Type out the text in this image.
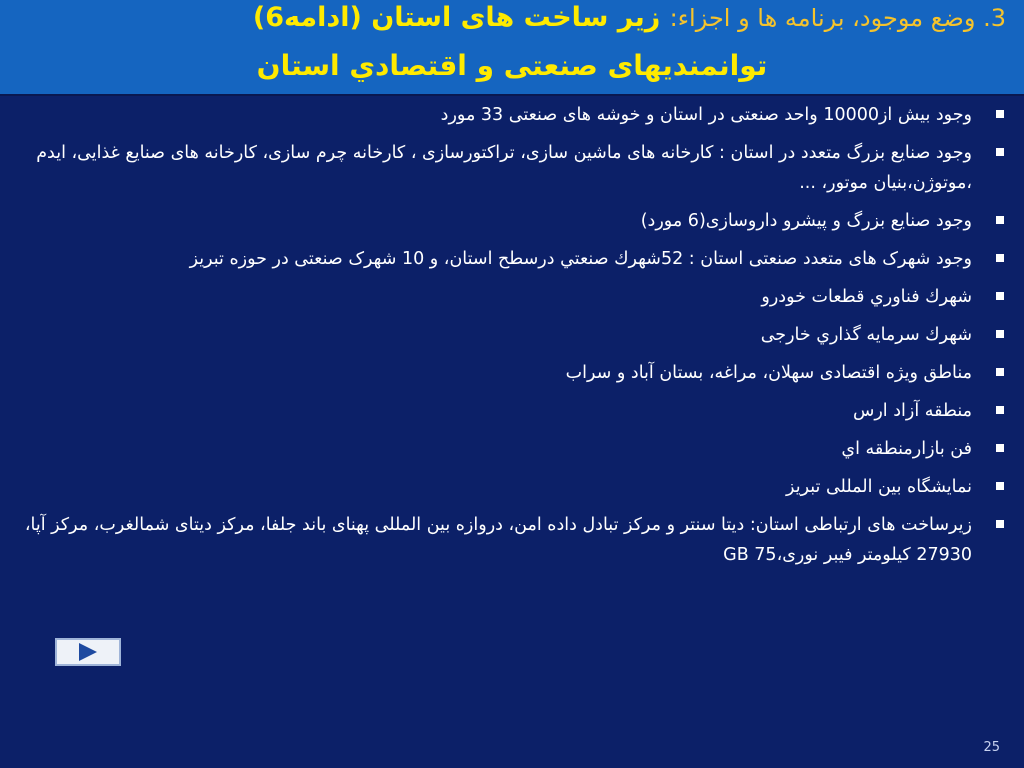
3. وضع موجود، برنامه ها و اجزاء: زیر ساخت های استان (ادامه6)
توانمنديهای صنعتی و اقتصادي استان
وجود بیش از10000 واحد صنعتی در استان و خوشه های صنعتی 33 مورد
وجود صنایع بزرگ متعدد در استان : کارخانه های ماشین سازی، تراکتورسازی ، کارخانه چرم سازی، کارخانه های صنایع غذایی، ایدم ،موتوژن،بنیان موتور، ...
وجود صنایع بزرگ و پیشرو داروسازی(6 مورد)
وجود شهرک های متعدد صنعتی استان : 52شهرك صنعتي درسطح استان، و 10 شهرک صنعتی در حوزه تبریز
شهرك فناوري قطعات خودرو
شهرك سرمايه گذاري خارجی
مناطق ویژه اقتصادی سهلان، مراغه، بستان آباد و سراب
منطقه آزاد ارس
فن بازارمنطقه اي
نمایشگاه بین المللی تبریز
زیرساخت های ارتباطی استان: دیتا سنتر و مرکز تبادل داده امن، دروازه بین المللی پهنای باند جلفا، مرکز دیتای شمالغرب، مرکز آپا، 27930 کیلومتر فیبر نوری،GB 75
25
